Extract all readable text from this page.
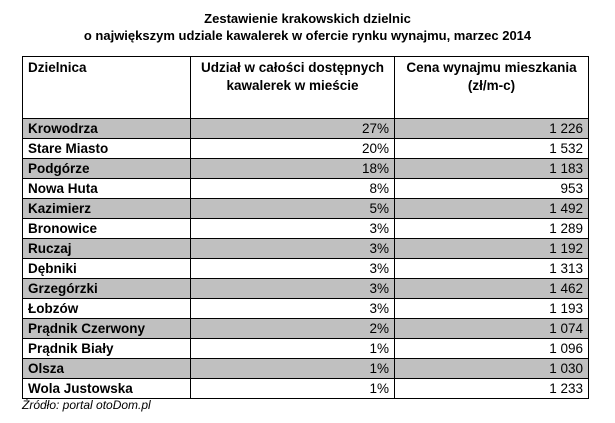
Zestawienie krakowskich dzielnic
o największym udziale kawalerek w ofercie rynku wynajmu, marzec 2014
Dzielnica	Udział w całości dostępnych kawalerek w mieście	Cena wynajmu mieszkania (zł/m-c)
Krowodrza	27%	1 226
Stare Miasto	20%	1 532
Podgórze	18%	1 183
Nowa Huta	8%	953
Kazimierz	5%	1 492
Bronowice	3%	1 289
Ruczaj	3%	1 192
Dębniki	3%	1 313
Grzegórzki	3%	1 462
Łobzów	3%	1 193
Prądnik Czerwony	2%	1 074
Prądnik Biały	1%	1 096
Olsza	1%	1 030
Wola Justowska	1%	1 233
Źródło: portal otoDom.pl
